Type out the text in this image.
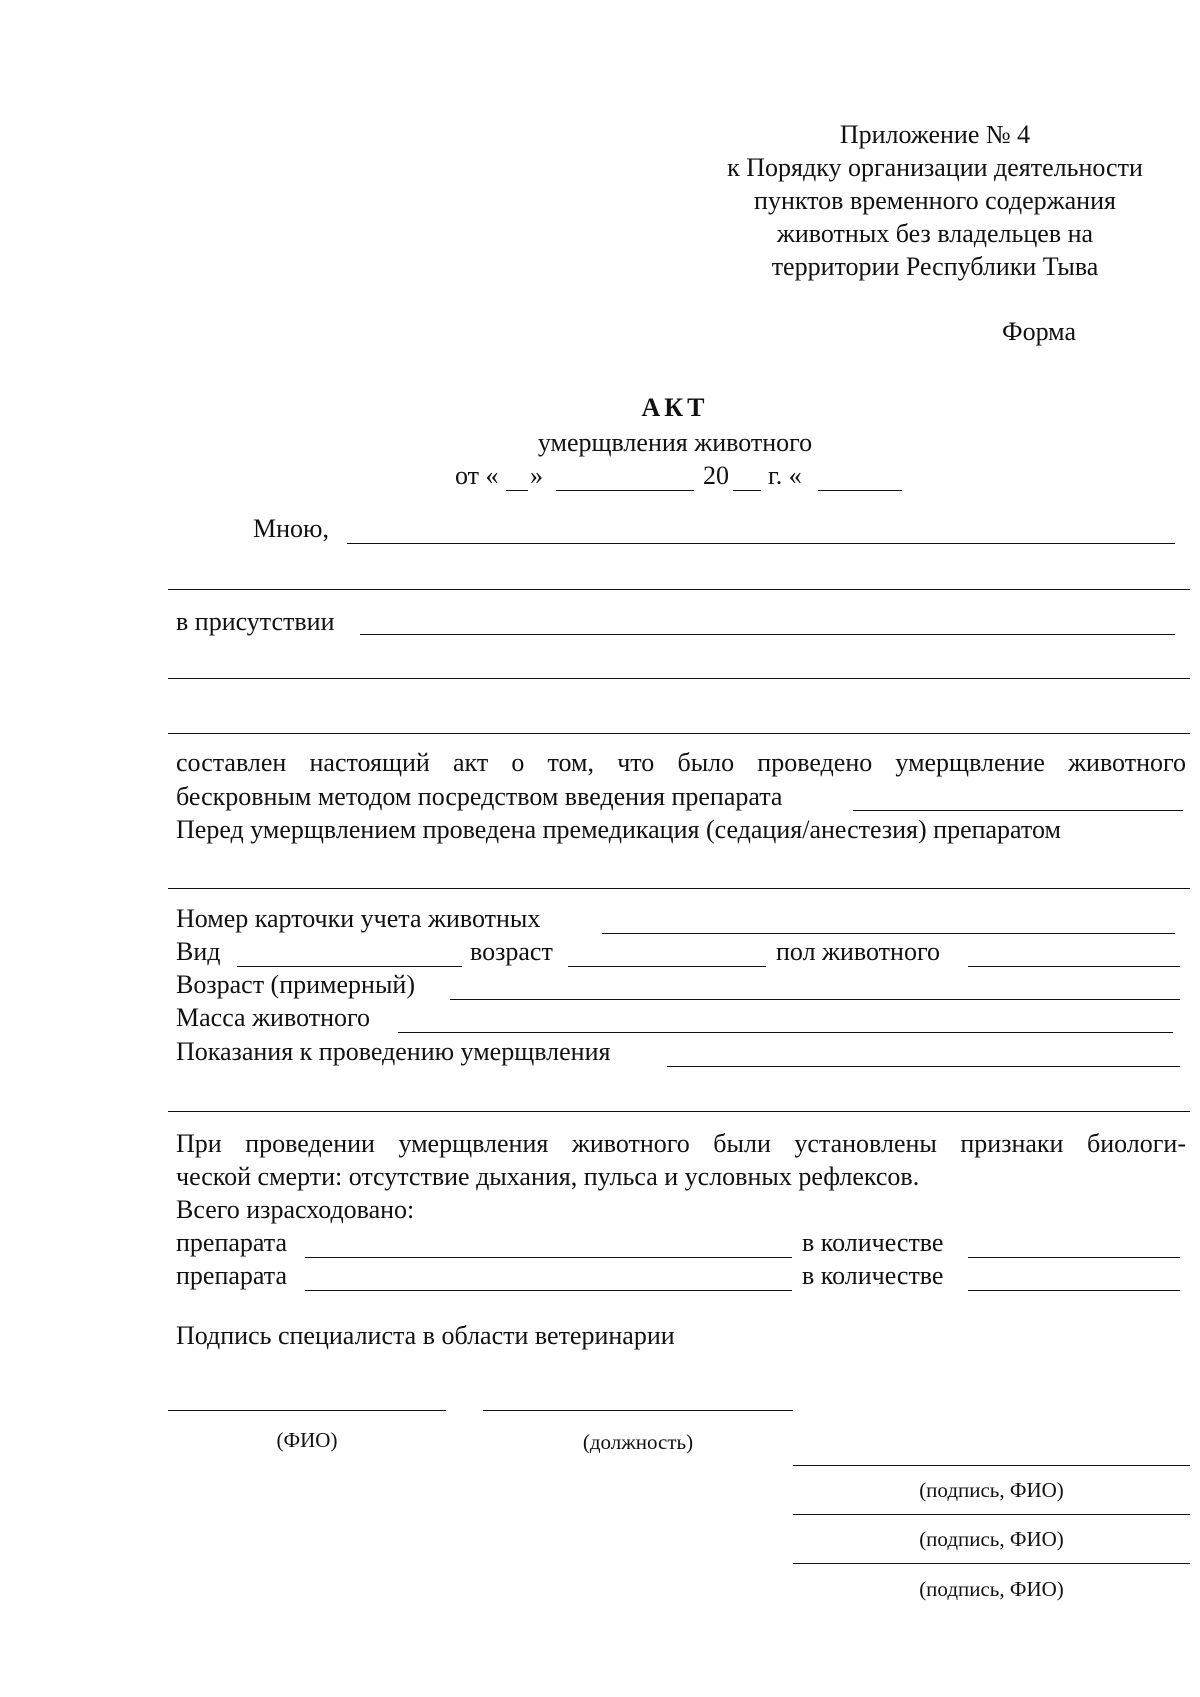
Приложение № 4
к Порядку организации деятельности
пунктов временного содержания
животных без владельцев на
территории Республики Тыва
Форма
АКТ
умерщвления животного
от « »	20 г. «
Мною,
в присутствии
составлен настоящий акт о том, что было проведено умерщвление животного
бескровным методом посредством введения препарата
Перед умерщвлением проведена премедикация (седация/анестезия) препаратом
Номер карточки учета животных
Вид	возраст	пол животного
Возраст (примерный)
Масса животного
Показания к проведению умерщвления
При проведении умерщвления животного были установлены признаки биологи-
ческой смерти: отсутствие дыхания, пульса и условных рефлексов.
Всего израсходовано:
препарата	в количестве
препарата	в количестве
Подпись специалиста в области ветеринарии
(ФИО)	(должность)
(подпись, ФИО)
(подпись, ФИО)
(подпись, ФИО)
